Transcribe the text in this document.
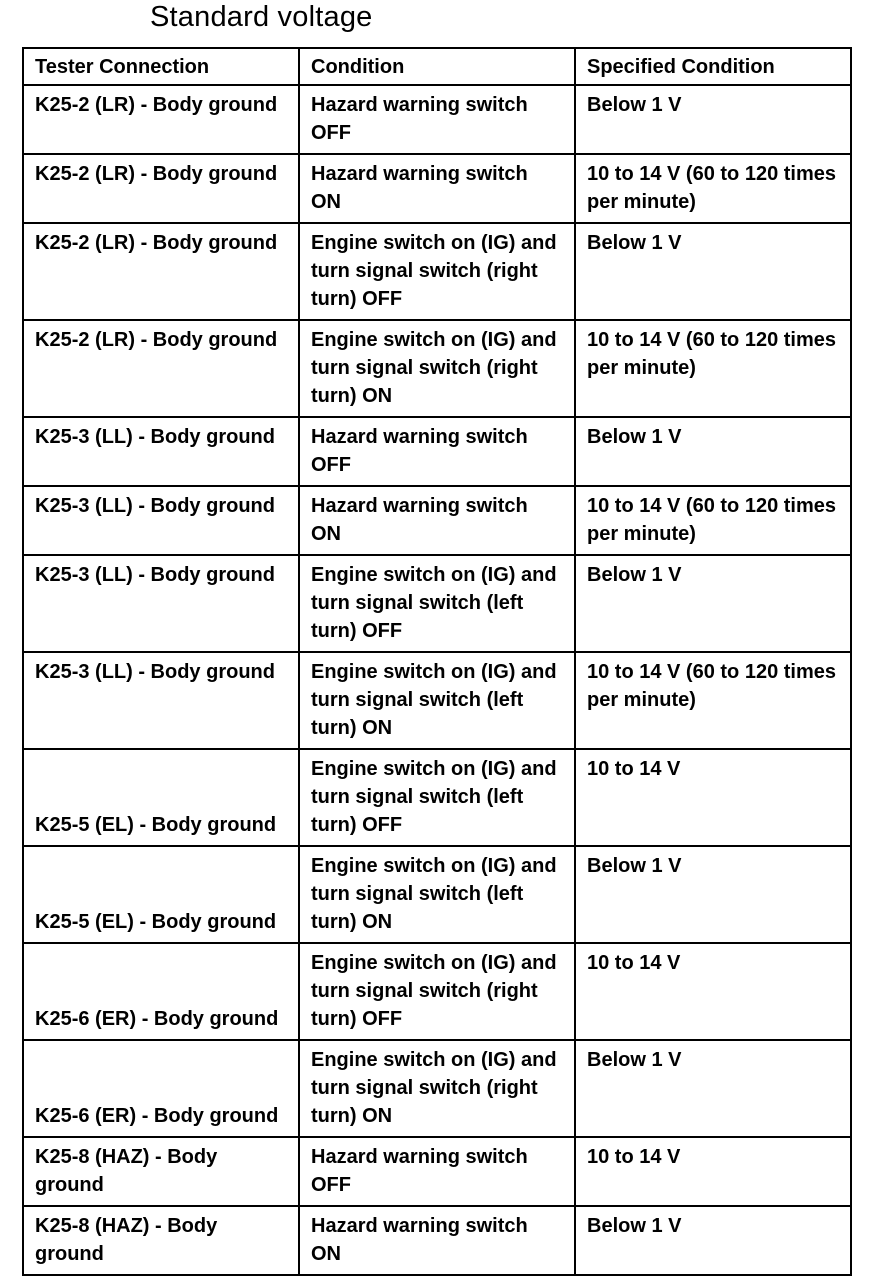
Standard voltage
Tester Connection	Condition	Specified Condition
K25-2 (LR) - Body ground	Hazard warning switch OFF	Below 1 V
K25-2 (LR) - Body ground	Hazard warning switch ON	10 to 14 V (60 to 120 times per minute)
K25-2 (LR) - Body ground	Engine switch on (IG) and turn signal switch (right turn) OFF	Below 1 V
K25-2 (LR) - Body ground	Engine switch on (IG) and turn signal switch (right turn) ON	10 to 14 V (60 to 120 times per minute)
K25-3 (LL) - Body ground	Hazard warning switch OFF	Below 1 V
K25-3 (LL) - Body ground	Hazard warning switch ON	10 to 14 V (60 to 120 times per minute)
K25-3 (LL) - Body ground	Engine switch on (IG) and turn signal switch (left turn) OFF	Below 1 V
K25-3 (LL) - Body ground	Engine switch on (IG) and turn signal switch (left turn) ON	10 to 14 V (60 to 120 times per minute)
K25-5 (EL) - Body ground	Engine switch on (IG) and turn signal switch (left turn) OFF	10 to 14 V
K25-5 (EL) - Body ground	Engine switch on (IG) and turn signal switch (left turn) ON	Below 1 V
K25-6 (ER) - Body ground	Engine switch on (IG) and turn signal switch (right turn) OFF	10 to 14 V
K25-6 (ER) - Body ground	Engine switch on (IG) and turn signal switch (right turn) ON	Below 1 V
K25-8 (HAZ) - Body ground	Hazard warning switch OFF	10 to 14 V
K25-8 (HAZ) - Body ground	Hazard warning switch ON	Below 1 V
